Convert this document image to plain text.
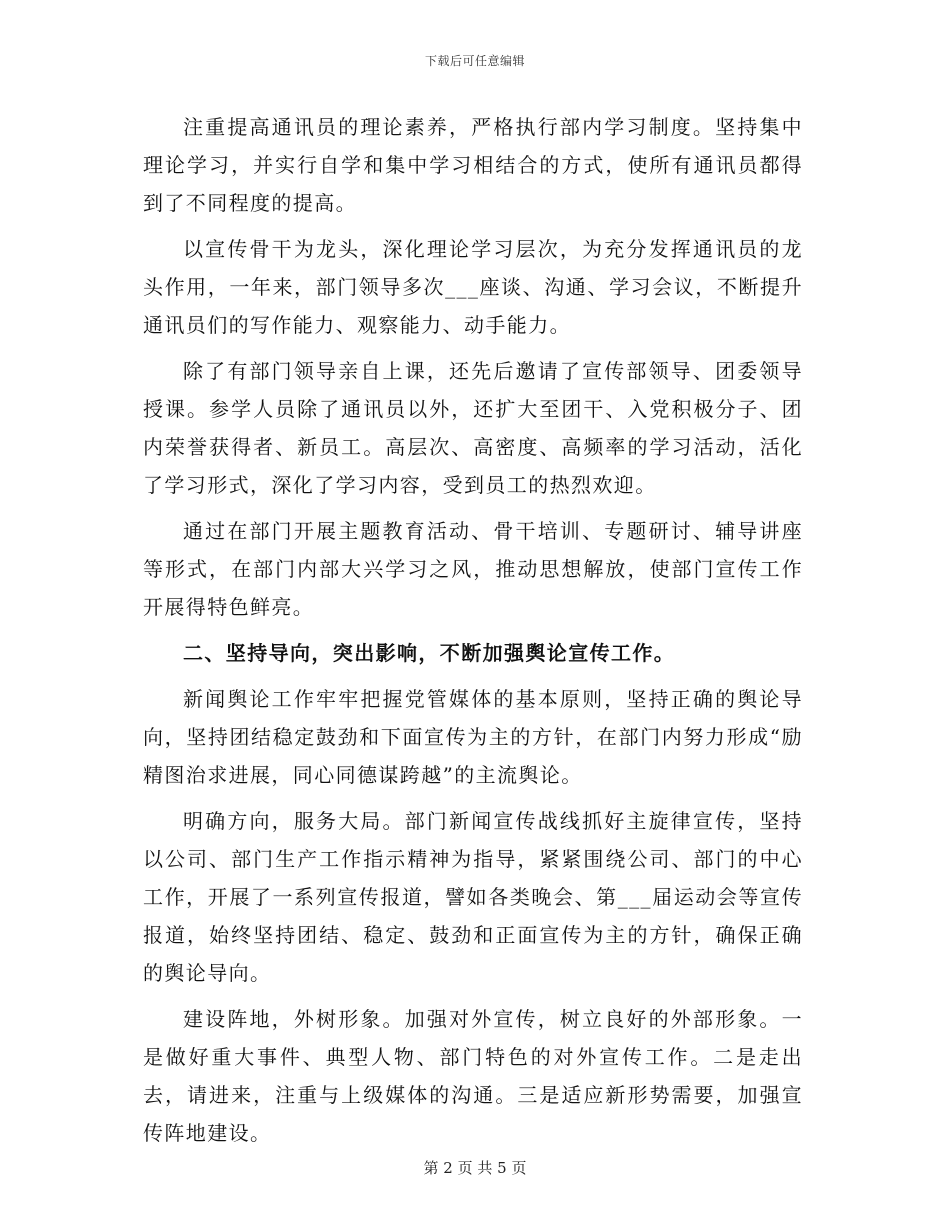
下载后可任意编辑

注重提高通讯员的理论素养，严格执行部内学习制度。坚持集中理论学习，并实行自学和集中学习相结合的方式，使所有通讯员都得到了不同程度的提高。

以宣传骨干为龙头，深化理论学习层次，为充分发挥通讯员的龙头作用，一年来，部门领导多次___座谈、沟通、学习会议，不断提升通讯员们的写作能力、观察能力、动手能力。

除了有部门领导亲自上课，还先后邀请了宣传部领导、团委领导授课。参学人员除了通讯员以外，还扩大至团干、入党积极分子、团内荣誉获得者、新员工。高层次、高密度、高频率的学习活动，活化了学习形式，深化了学习内容，受到员工的热烈欢迎。

通过在部门开展主题教育活动、骨干培训、专题研讨、辅导讲座等形式，在部门内部大兴学习之风，推动思想解放，使部门宣传工作开展得特色鲜亮。

二、坚持导向，突出影响，不断加强舆论宣传工作。

新闻舆论工作牢牢把握党管媒体的基本原则，坚持正确的舆论导向，坚持团结稳定鼓劲和下面宣传为主的方针，在部门内努力形成“励精图治求进展，同心同德谋跨越”的主流舆论。

明确方向，服务大局。部门新闻宣传战线抓好主旋律宣传，坚持以公司、部门生产工作指示精神为指导，紧紧围绕公司、部门的中心工作，开展了一系列宣传报道，譬如各类晚会、第___届运动会等宣传报道，始终坚持团结、稳定、鼓劲和正面宣传为主的方针，确保正确的舆论导向。

建设阵地，外树形象。加强对外宣传，树立良好的外部形象。一是做好重大事件、典型人物、部门特色的对外宣传工作。二是走出去，请进来，注重与上级媒体的沟通。三是适应新形势需要，加强宣传阵地建设。

第 2 页 共 5 页
